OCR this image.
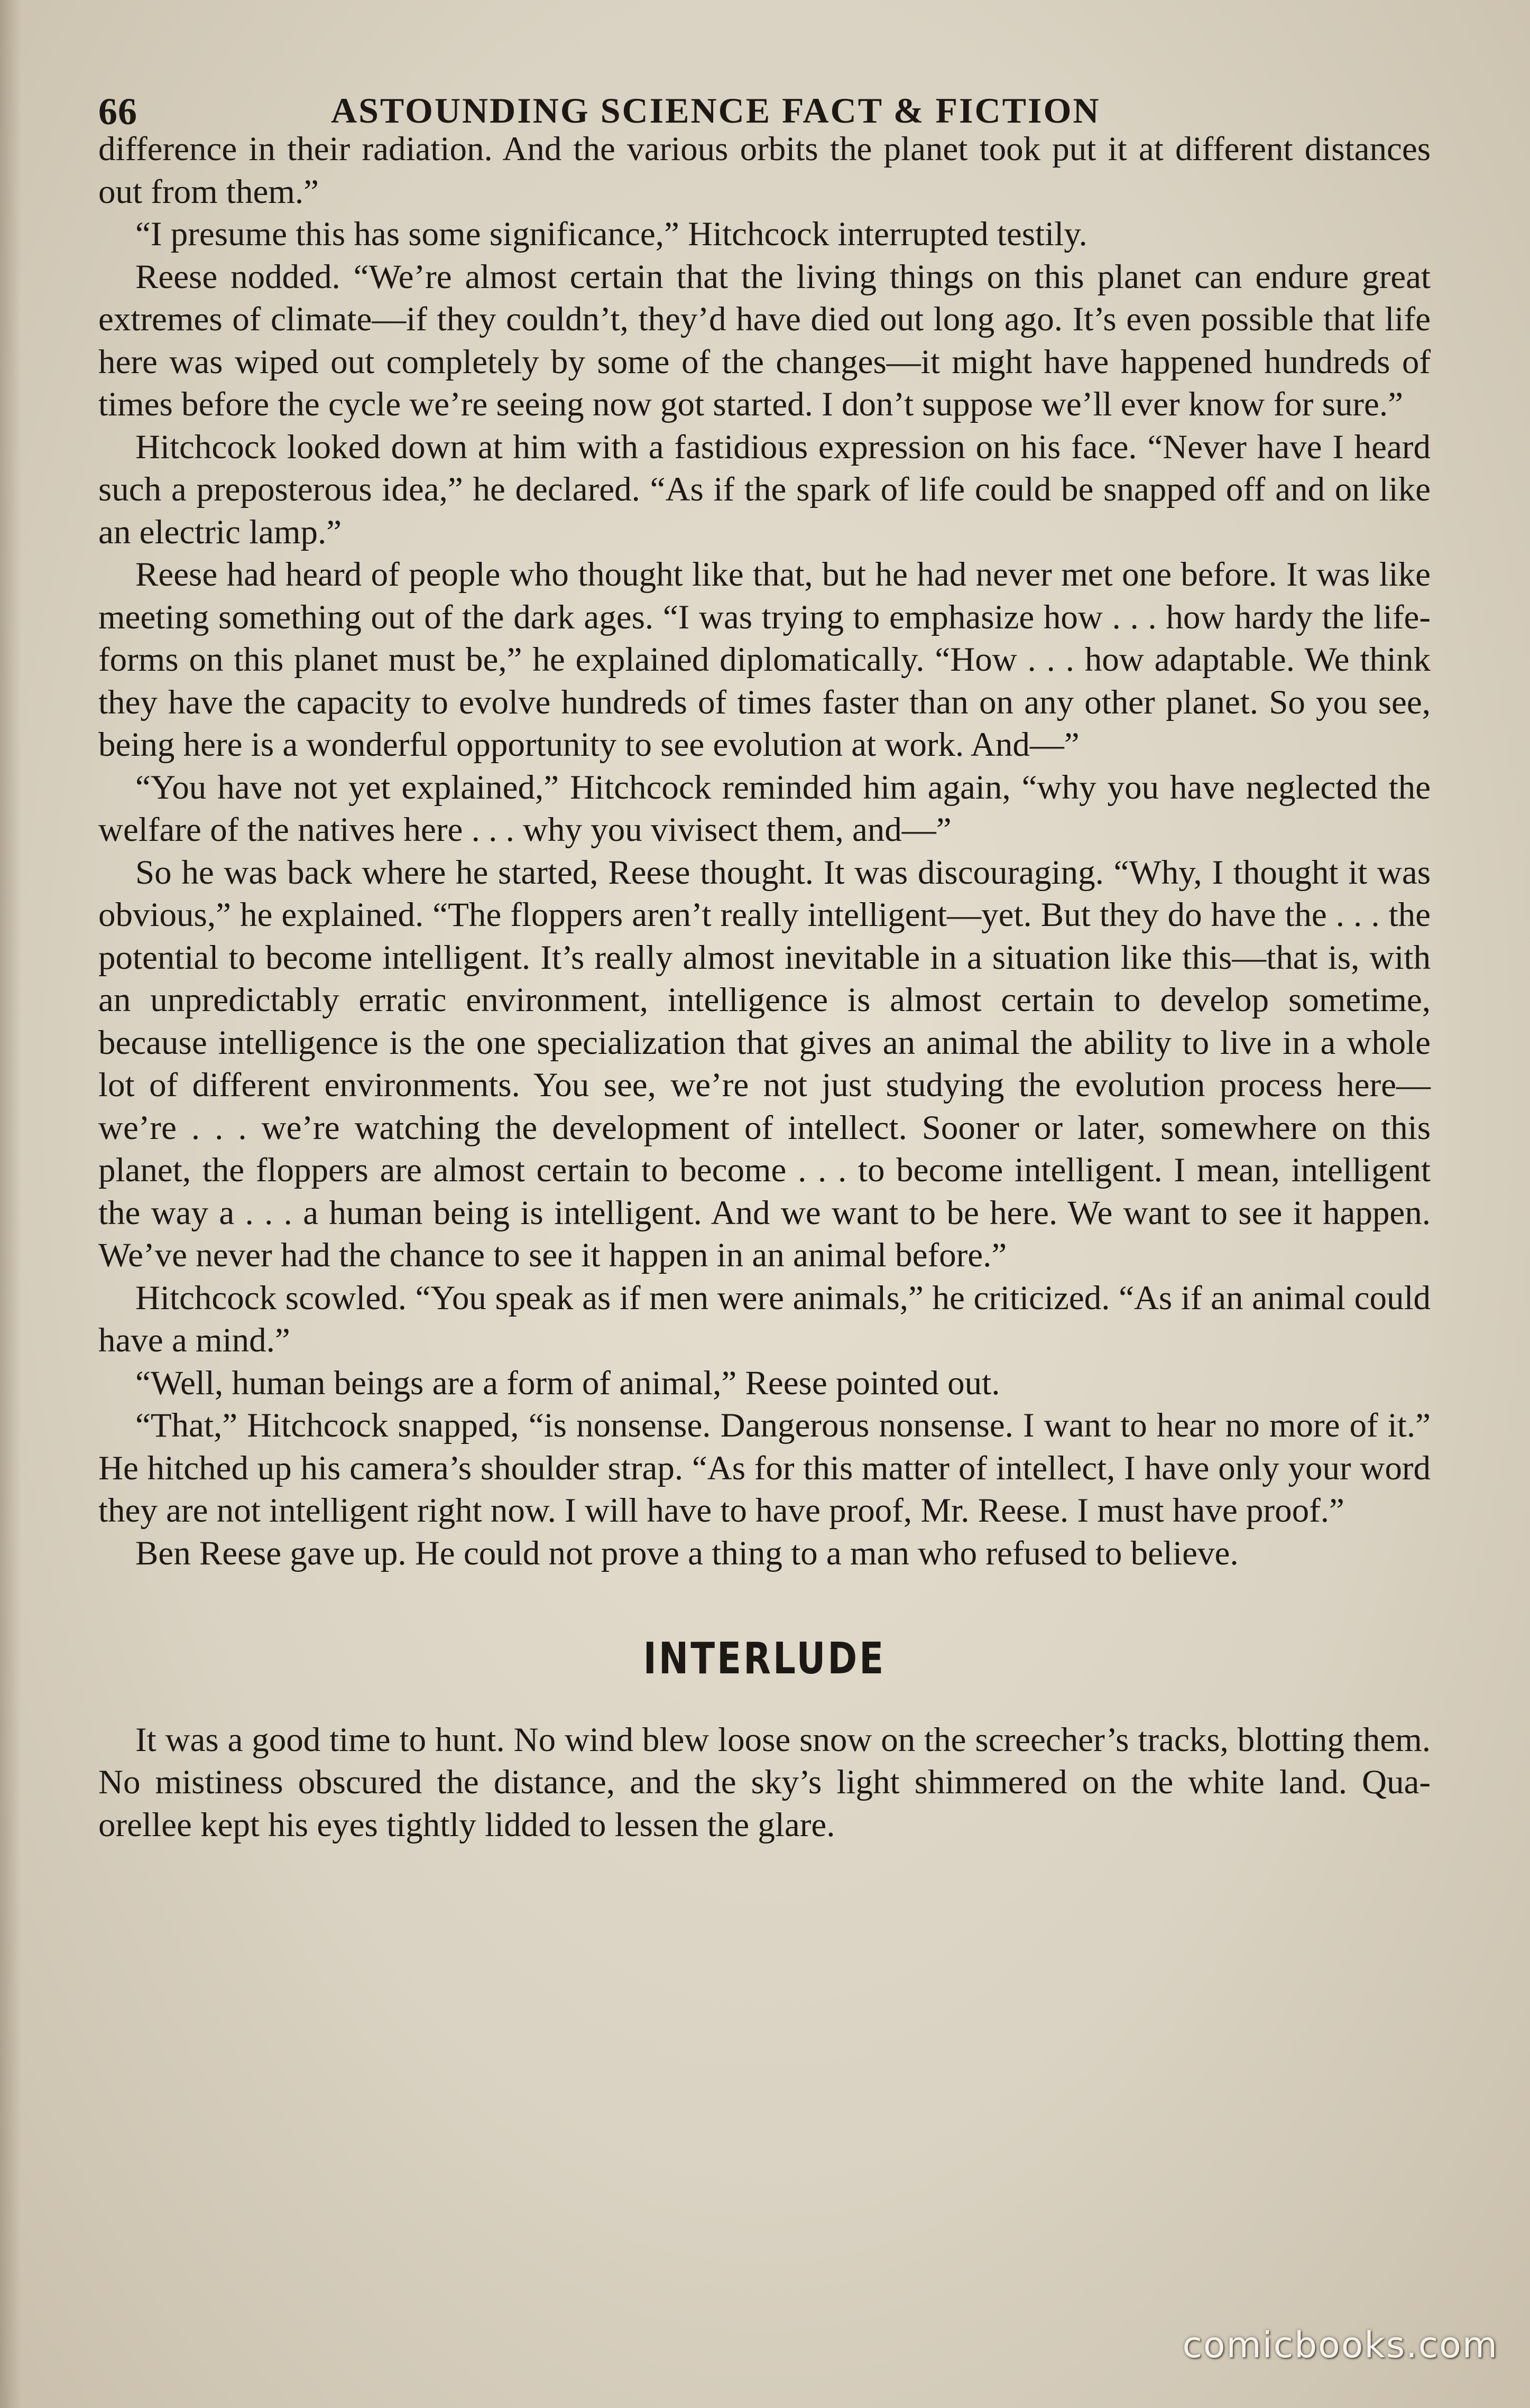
66	ASTOUNDING SCIENCE FACT & FICTION

difference in their radiation. And the various orbits the planet took put it at different distances out from them.”

“I presume this has some significance,” Hitchcock interrupted testily.

Reese nodded. “We’re almost certain that the living things on this planet can endure great extremes of climate—if they couldn’t, they’d have died out long ago. It’s even possible that life here was wiped out completely by some of the changes—it might have happened hundreds of times before the cycle we’re seeing now got started. I don’t suppose we’ll ever know for sure.”

Hitchcock looked down at him with a fastidious expression on his face. “Never have I heard such a preposterous idea,” he declared. “As if the spark of life could be snapped off and on like an electric lamp.”

Reese had heard of people who thought like that, but he had never met one before. It was like meeting something out of the dark ages. “I was trying to emphasize how . . . how hardy the life-forms on this planet must be,” he explained diplomatically. “How . . . how adaptable. We think they have the capacity to evolve hundreds of times faster than on any other planet. So you see, being here is a wonderful opportunity to see evolution at work. And—”

“You have not yet explained,” Hitchcock reminded him again, “why you have neglected the welfare of the natives here . . . why you vivisect them, and—”

So he was back where he started, Reese thought. It was discouraging. “Why, I thought it was obvious,” he explained. “The floppers aren’t really intelligent—yet. But they do have the . . . the potential to become intelligent. It’s really almost inevitable in a situation like this—that is, with an unpredictably erratic environment, intelligence is almost certain to develop sometime, because intelligence is the one specialization that gives an animal the ability to live in a whole lot of different environments. You see, we’re not just studying the evolution process here—we’re . . . we’re watching the development of intellect. Sooner or later, somewhere on this planet, the floppers are almost certain to become . . . to become intelligent. I mean, intelligent the way a . . . a human being is intelligent. And we want to be here. We want to see it happen. We’ve never had the chance to see it happen in an animal before.”

Hitchcock scowled. “You speak as if men were animals,” he criticized. “As if an animal could have a mind.”

“Well, human beings are a form of animal,” Reese pointed out.

“That,” Hitchcock snapped, “is nonsense. Dangerous nonsense. I want to hear no more of it.” He hitched up his camera’s shoulder strap. “As for this matter of intellect, I have only your word they are not intelligent right now. I will have to have proof, Mr. Reese. I must have proof.”

Ben Reese gave up. He could not prove a thing to a man who refused to believe.

INTERLUDE

It was a good time to hunt. No wind blew loose snow on the screecher’s tracks, blotting them. No mistiness obscured the distance, and the sky’s light shimmered on the white land. Qua-orellee kept his eyes tightly lidded to lessen the glare.

comicbooks.com
